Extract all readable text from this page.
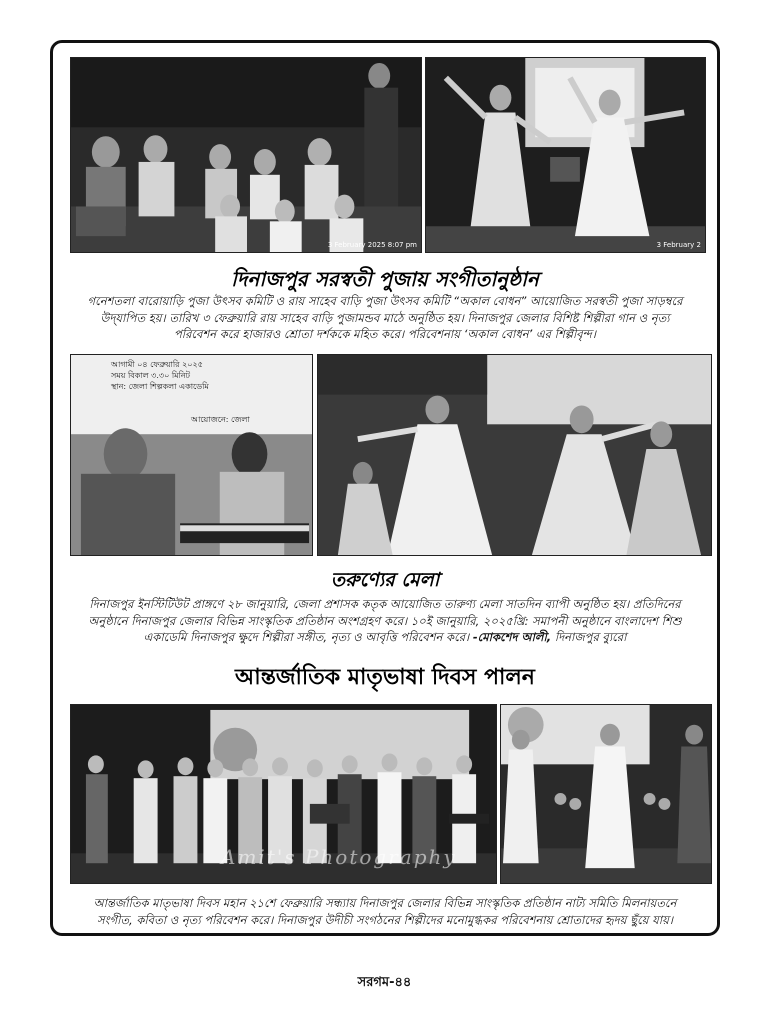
3 February 2025 8:07 pm	3 February 2
দিনাজপুর সরস্বতী পুজায় সংগীতানুষ্ঠান
গনেশতলা বারোয়াড়ি পুজা উৎসব কমিটি ও রায় সাহেব বাড়ি পুজা উৎসব কমিটি “অকাল বোধন” আয়োজিত সরস্বতী পুজা সাড়ম্বরে
উদ্‌যাপিত হয়। তারিখ ৩ ফেব্রুয়ারি রায় সাহেব বাড়ি পুজামন্ডব মাঠে অনুষ্ঠিত হয়। দিনাজপুর জেলার বিশিষ্ট শিল্পীরা গান ও নৃত্য
পরিবেশন করে হাজারও শ্রোতা দর্শককে মহিত করে। পরিবেশনায় ‘অকাল বোধন’ এর শিল্পীবৃন্দ।
আগামী ০৪ ফেব্রুয়ারি ২০২৫
সময় বিকাল ৩.৩০ মিনিট
স্থান: জেলা শিল্পকলা একাডেমি
আয়োজনে: জেলা
তরুণ্যের মেলা
দিনাজপুর ইনস্টিটিউট প্রাঙ্গণে ২৮ জানুয়ারি, জেলা প্রশাসক কতৃক আয়োজিত তারুণ্য মেলা সাতদিন ব্যাপী অনুষ্ঠিত হয়। প্রতিদিনের
অনুষ্ঠানে দিনাজপুর জেলার বিভিন্ন সাংস্কৃতিক প্রতিষ্ঠান অংশগ্রহণ করে। ১০ই জানুয়ারি, ২০২৫খ্রি: সমাপনী অনুষ্ঠানে বাংলাদেশ শিশু
একাডেমি দিনাজপুর ক্ষুদে শিল্পীরা সঙ্গীত, নৃত্য ও আবৃত্তি পরিবেশন করে। -মোকশেদ আলী, দিনাজপুর ব্যুরো
আন্তর্জাতিক মাতৃভাষা দিবস পালন
Amit's Photography
আন্তর্জাতিক মাতৃভাষা দিবস মহান ২১শে ফেব্রুয়ারি সন্ধ্যায় দিনাজপুর জেলার বিভিন্ন সাংস্কৃতিক প্রতিষ্ঠান নাট্য সমিতি মিলনায়তনে
সংগীত, কবিতা ও নৃত্য পরিবেশন করে। দিনাজপুর উদীচী সংগঠনের শিল্পীদের মনোমুগ্ধকর পরিবেশনায় শ্রোতাদের হৃদয় ছুঁয়ে যায়।
সরগম-৪৪
